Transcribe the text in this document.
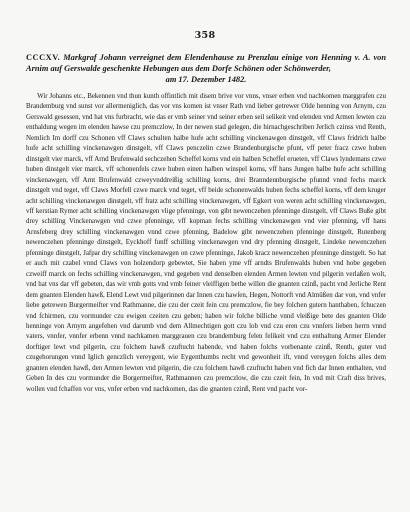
358
CCCXV. Markgraf Johann verreignet dem Elendenhause zu Prenzlau einige von Henning v. A. von Arnim auf Gerswalde geschenkte Hebungen aus dem Dorfe Schönen oder Schönwerder,
am 17. Dezember 1482.
Wir Johanns etc., Bekennen vnd thun kunth offintlich mit disem brive vor vnns, vnser erben vnd nachkomen marggrafen czu Brandemburg vnd sunst vor allermeniglich, das vor vns komen ist vnser Rath vnd lieber getrewer Olde henning von Arnym, czu Gerswald gesessen, vnd hat vns furbracht, wie das er vmb seiner vnd seiner erben seil selikeit vnd elenden vnd Armen lewten czu enthaldung wegen im elenden hawse czu premczlow, In der newen stad gelegen, die hirnachgeschriben Jerlich czinss vnd Renth, Nemlich Im dorff czu Schonen vff Claws schulten halbe hufe acht schilling vinckenawgen dinstgelt, vff Claws fridrich halbe hufe acht schilling vinckenawgen dinstgelt, vff Claws penczelin czwe Brandenburgische pfunt, vff peter fracz czwe huben dinstgelt vier marck, vff Arnd Brufenwald sechczehen Scheffel korns vnd ein halben Scheffel erueten, vff Claws lyndemans czwe huben dinstgelt vier marck, vff schonenfels czwe huben einen halben winspel korns, vff hans Jungen halbe hufe acht schilling vinckenawgen, vff Arnt Brufenwald czweyvnddreißig schilling korns, drei Branndennburgische pfunnd vnnd fechs marck dinstgelt vnd teget, vff Claws Morfell czwe marck vnd teget, vff beide schonenwalds huben fechs scheffel korns, vff dem kruger acht schilling vinckenawgen dinstgelt, vff fratz acht schilling vinckenawgen, vff Egkert von weren acht schilling vinckenawgen, vff kerstian Rymer acht schilling vinckenawgen vlige pfenninge, von gibt newenczehen pfenninge dinstgelt, vff Claws Buße gibt drey schilling Vinckenawgen vnd czwe pfenninge, vff kopman fechs schilling vinckenawgen vnd vier pfenning, vff hans Arnsfeberg drey schilling vinckenawgen vnnd czwe pfenning, Badelow gibt newenczehen pfenninge dinstgelt, Rutenberg newenczehen pfenninge dinstgelt, Eyckhoff funff schilling vinckenawgen vnd dry pfenning dinstgelt, Lindeke newenczehen pfenninge dinstgelt, Jafpar dry schilling vinckenawgen on czwe pfenninge, Jakob kracz newenczehen pfenninge dinstgelt. So hat er auch mit czabel vnnd Claws von holzendorp gebewtet, Sie haben yme vff arndts Brufenwalds huben vnd hobe gegeben czweiff marck on fechs schilling vinckenawgen, vnd gegeben vnd denselben elenden Armen lewten vnd pilgerin verlaßen wolt, vnd hat vns dar vff gebeten, das wir vmb gotts vnd vmb feiner vleiffigen bethe willen die gnanten czinß, pacht vnd Jerliche Rent dem gnanten Elenden hawß, Elend Lewt vnd pilgerinnen dar Innen czu hawſen, Hegen, Nottorft vnd Almüßen dar von, vnd vnfer liebe getrewen Burgermeifter vnd Rathmanne, die czu der czeit fein czu premczlow, fie bey folchen gutern hanthaben, fchuczen vnd fchirmen, czu vormunder czu ewigen czeiten czu geben; haben wir folche billiche vnnd vleißige bete des gnanten Olde henninge von Arnym angefehen vnd darumb vnd dem Allmechtigen gott czu lob vnd czu eren czu vnnfers lieben herrn vnnd vaters, vnnfer, vnnfer erbenn vnnd nachkamen marggrauen czu brandemburg felen felikeit vnd czu enthaltung Armer Elender dorftiger lewt vnd pilgerin, czu folchem hawß czuftucht habende, vnd haben folchs vorbenante czinß, Renth, guter vnd czugehorungen vnnd Iglich genczlich vereygent, wie Eygenthumbs recht vnd gewonheit ift, vnnd vereygen folchs alles dem gnanten elenden hawß, den Armen lewten vnd pilgerin, die czu folchem hawß czuftucht haben vnd fich dar Innen enthalten, vnd Geben In des czu vormunder die Borgermeifter, Rathmannen czu premczlow, die czu czeit fein, In vnd mit Craft diss brives, wollen vnd fchaffen vor vns, vnfer erben vnd nachkomen, das die gnanten czinß, Rent vnd pacht vor-
